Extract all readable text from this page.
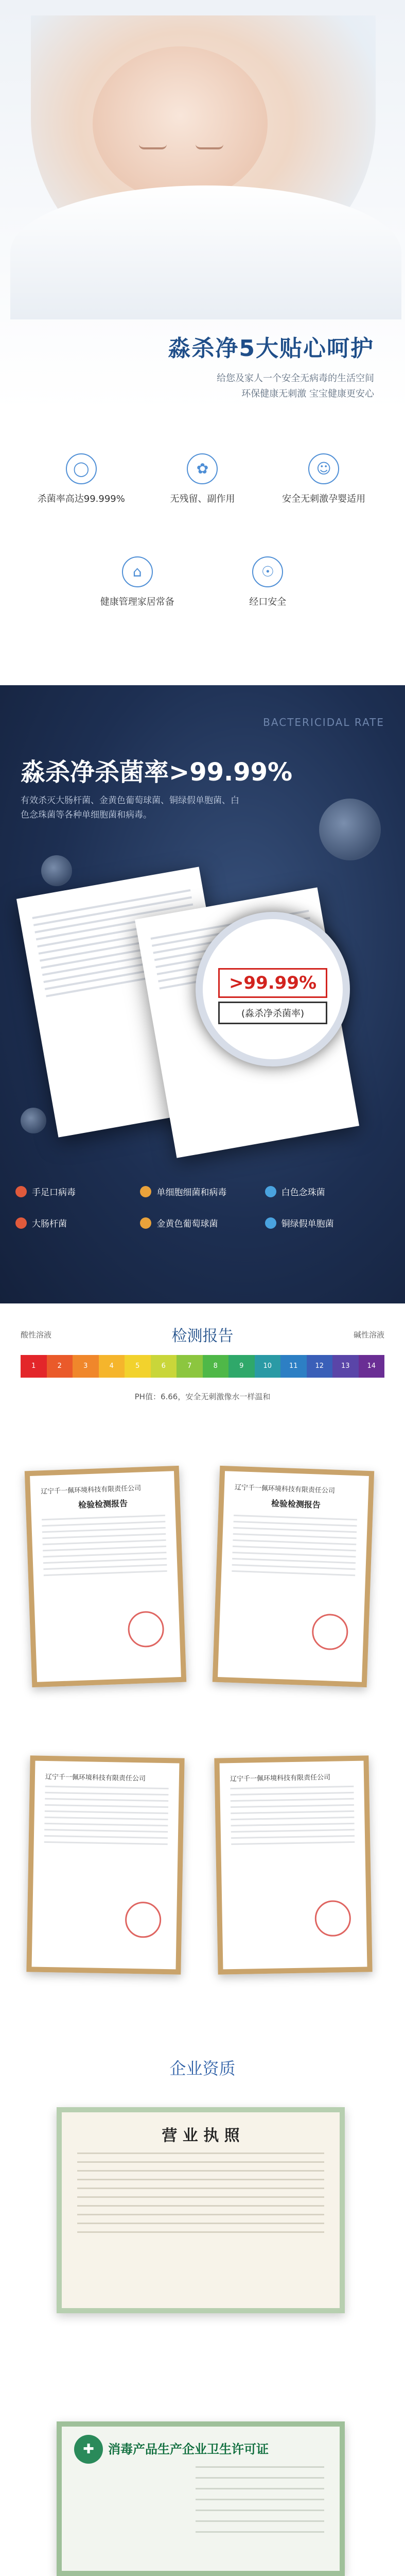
淼杀净5大贴心呵护
给您及家人一个安全无病毒的生活空间
环保健康无刺激 宝宝健康更安心
◯
杀菌率高达99.999%
✿
无残留、副作用
☺
安全无刺激孕婴适用
⌂
健康管理家居常备
☉
经口安全
BACTERICIDAL RATE
淼杀净杀菌率>99.99%
有效杀灭大肠杆菌、金黄色葡萄球菌、铜绿假单胞菌、白色念珠菌等各种单细胞菌和病毒。
>99.99%
(淼杀净杀菌率)
手足口病毒	单细胞细菌和病毒	白色念珠菌
大肠杆菌	金黄色葡萄球菌	铜绿假单胞菌
酸性溶液	检测报告	碱性溶液
1	2	3	4	5	6	7	8	9	10	11	12	13	14
PH值：6.66，安全无刺激像水一样温和
辽宁千一佩环境科技有限责任公司
检验检测报告
辽宁千一佩环境科技有限责任公司
检验检测报告
辽宁千一佩环境科技有限责任公司	辽宁千一佩环境科技有限责任公司
企业资质
营 业 执 照
✚	消毒产品生产企业卫生许可证
